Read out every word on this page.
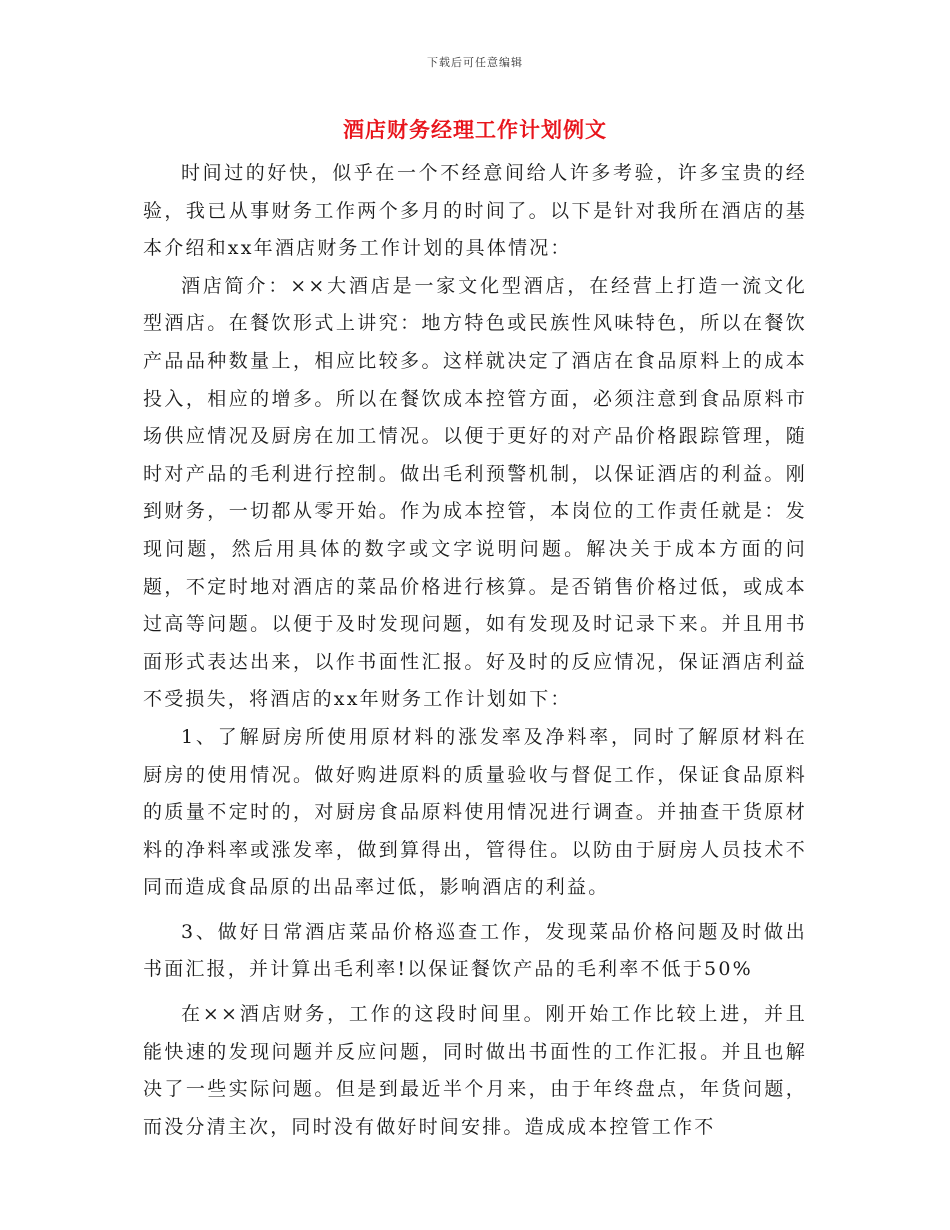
下载后可任意编辑
酒店财务经理工作计划例文

时间过的好快，似乎在一个不经意间给人许多考验，许多宝贵的经验，我已从事财务工作两个多月的时间了。以下是针对我所在酒店的基本介绍和xx年酒店财务工作计划的具体情况：

酒店简介：××大酒店是一家文化型酒店，在经营上打造一流文化型酒店。在餐饮形式上讲究：地方特色或民族性风味特色，所以在餐饮产品品种数量上，相应比较多。这样就决定了酒店在食品原料上的成本投入，相应的增多。所以在餐饮成本控管方面，必须注意到食品原料市场供应情况及厨房在加工情况。以便于更好的对产品价格跟踪管理，随时对产品的毛利进行控制。做出毛利预警机制，以保证酒店的利益。刚到财务，一切都从零开始。作为成本控管，本岗位的工作责任就是：发现问题，然后用具体的数字或文字说明问题。解决关于成本方面的问题，不定时地对酒店的菜品价格进行核算。是否销售价格过低，或成本过高等问题。以便于及时发现问题，如有发现及时记录下来。并且用书面形式表达出来，以作书面性汇报。好及时的反应情况，保证酒店利益不受损失，将酒店的xx年财务工作计划如下：

1、了解厨房所使用原材料的涨发率及净料率，同时了解原材料在厨房的使用情况。做好购进原料的质量验收与督促工作，保证食品原料的质量不定时的，对厨房食品原料使用情况进行调查。并抽查干货原材料的净料率或涨发率，做到算得出，管得住。以防由于厨房人员技术不同而造成食品原的出品率过低，影响酒店的利益。

3、做好日常酒店菜品价格巡查工作，发现菜品价格问题及时做出书面汇报，并计算出毛利率!以保证餐饮产品的毛利率不低于50%

在××酒店财务，工作的这段时间里。刚开始工作比较上进，并且能快速的发现问题并反应问题，同时做出书面性的工作汇报。并且也解决了一些实际问题。但是到最近半个月来，由于年终盘点，年货问题，而没分清主次，同时没有做好时间安排。造成成本控管工作不
